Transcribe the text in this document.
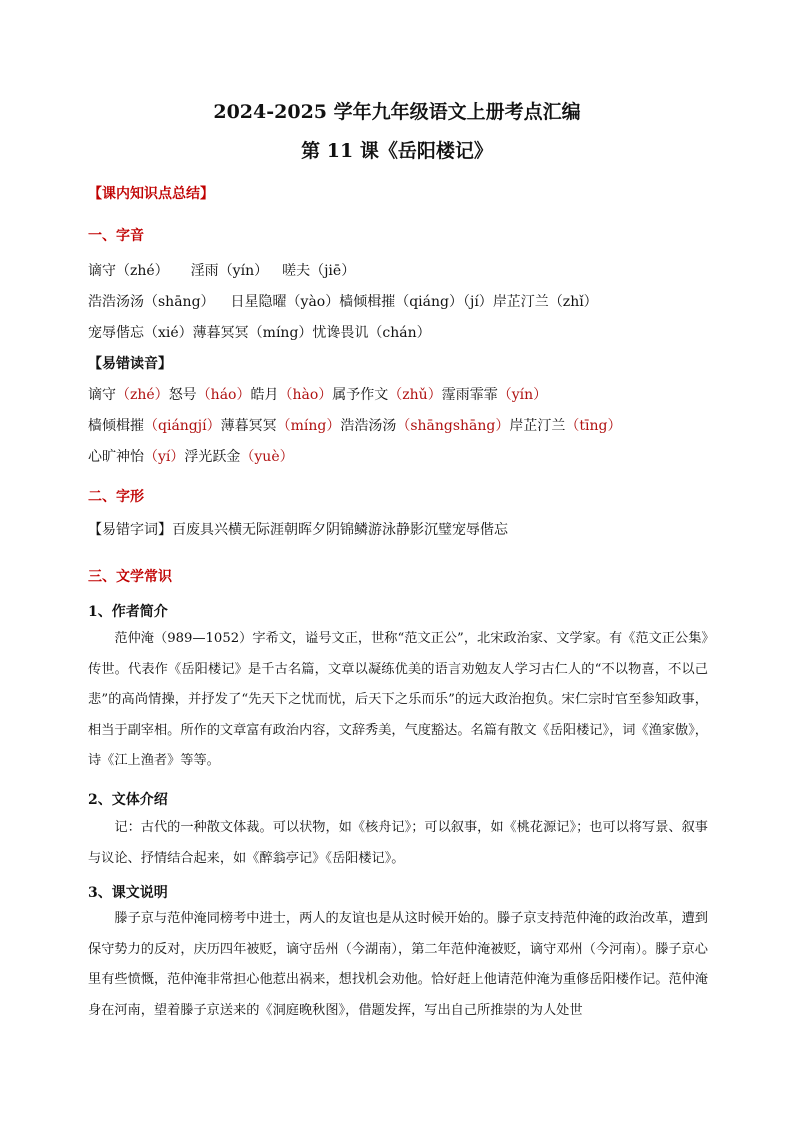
2024-2025 学年九年级语文上册考点汇编
第 11 课《岳阳楼记》
【课内知识点总结】
一、字音
谪守（zhé） 淫雨（yín） 嗟夫（jiē）
浩浩汤汤（shāng） 日星隐曜（yào）樯倾楫摧（qiáng）（jí）岸芷汀兰（zhǐ）
宠辱偕忘（xié）薄暮冥冥（míng）忧谗畏讥（chán）
【易错读音】
谪守（zhé）怒号（háo）皓月（hào）属予作文（zhǔ）霪雨霏霏（yín）
樯倾楫摧（qiángjí）薄暮冥冥（míng）浩浩汤汤（shāngshāng）岸芷汀兰（tīng）
心旷神怡（yí）浮光跃金（yuè）
二、字形
【易错字词】百废具兴横无际涯朝晖夕阴锦鳞游泳静影沉璧宠辱偕忘
三、文学常识
1、作者简介
范仲淹（989—1052）字希文，谥号文正，世称“范文正公”，北宋政治家、文学家。有《范文正公集》传世。代表作《岳阳楼记》是千古名篇，文章以凝练优美的语言劝勉友人学习古仁人的“不以物喜，不以己悲”的高尚情操，并抒发了“先天下之忧而忧，后天下之乐而乐”的远大政治抱负。宋仁宗时官至参知政事，相当于副宰相。所作的文章富有政治内容，文辞秀美，气度豁达。名篇有散文《岳阳楼记》，词《渔家傲》，诗《江上渔者》等等。
2、文体介绍
记：古代的一种散文体裁。可以状物，如《核舟记》；可以叙事，如《桃花源记》；也可以将写景、叙事与议论、抒情结合起来，如《醉翁亭记》《岳阳楼记》。
3、课文说明
滕子京与范仲淹同榜考中进士，两人的友谊也是从这时候开始的。滕子京支持范仲淹的政治改革，遭到保守势力的反对，庆历四年被贬，谪守岳州（今湖南），第二年范仲淹被贬，谪守邓州（今河南）。滕子京心里有些愤慨，范仲淹非常担心他惹出祸来，想找机会劝他。恰好赶上他请范仲淹为重修岳阳楼作记。范仲淹身在河南，望着滕子京送来的《洞庭晚秋图》，借题发挥，写出自己所推崇的为人处世
